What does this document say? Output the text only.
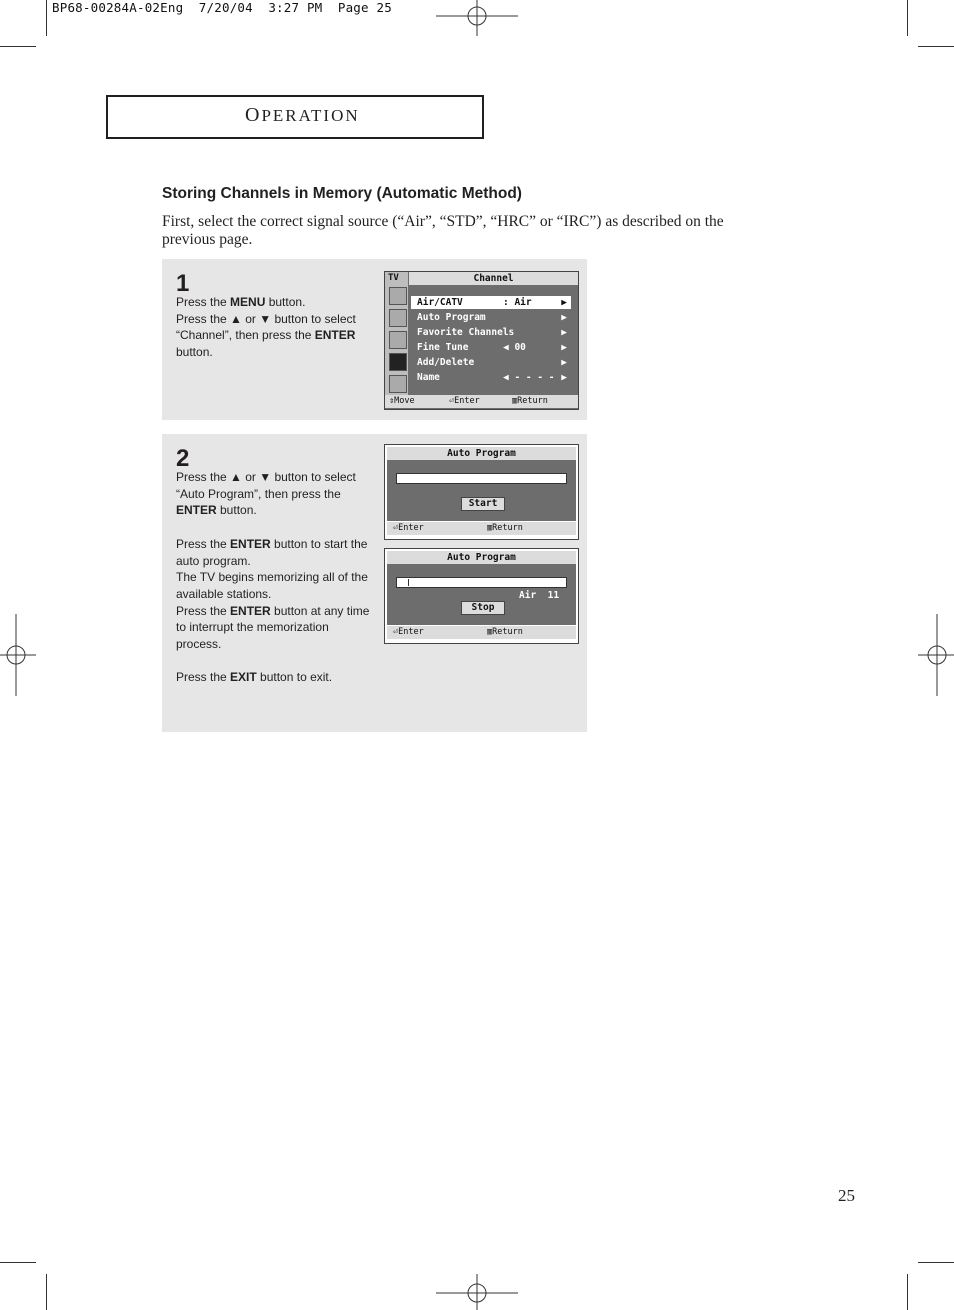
BP68-00284A-02Eng  7/20/04  3:27 PM  Page 25
OPERATION
Storing Channels in Memory (Automatic Method)
First, select the correct signal source (“Air”, “STD”, “HRC” or “IRC”) as described on the previous page.
1
Press the MENU button.
Press the ▲ or ▼ button to select
“Channel”, then press the ENTER
button.
Channel
TV
Air/CATV	: Air	▶
Auto Program	▶
Favorite Channels	▶
Fine Tune	◀ 00	▶
Add/Delete	▶
Name	◀ - - - - ▶
⇕Move	⏎Enter	▥Return
2
Press the ▲ or ▼ button to select
“Auto Program”, then press the
ENTER button.

Press the ENTER button to start the
auto program.
The TV begins memorizing all of the
available stations.
Press the ENTER button at any time
to interrupt the memorization
process.

Press the EXIT button to exit.
Auto Program
Start
⏎Enter	▥Return
Auto Program
Air 11
Stop
⏎Enter	▥Return
25
